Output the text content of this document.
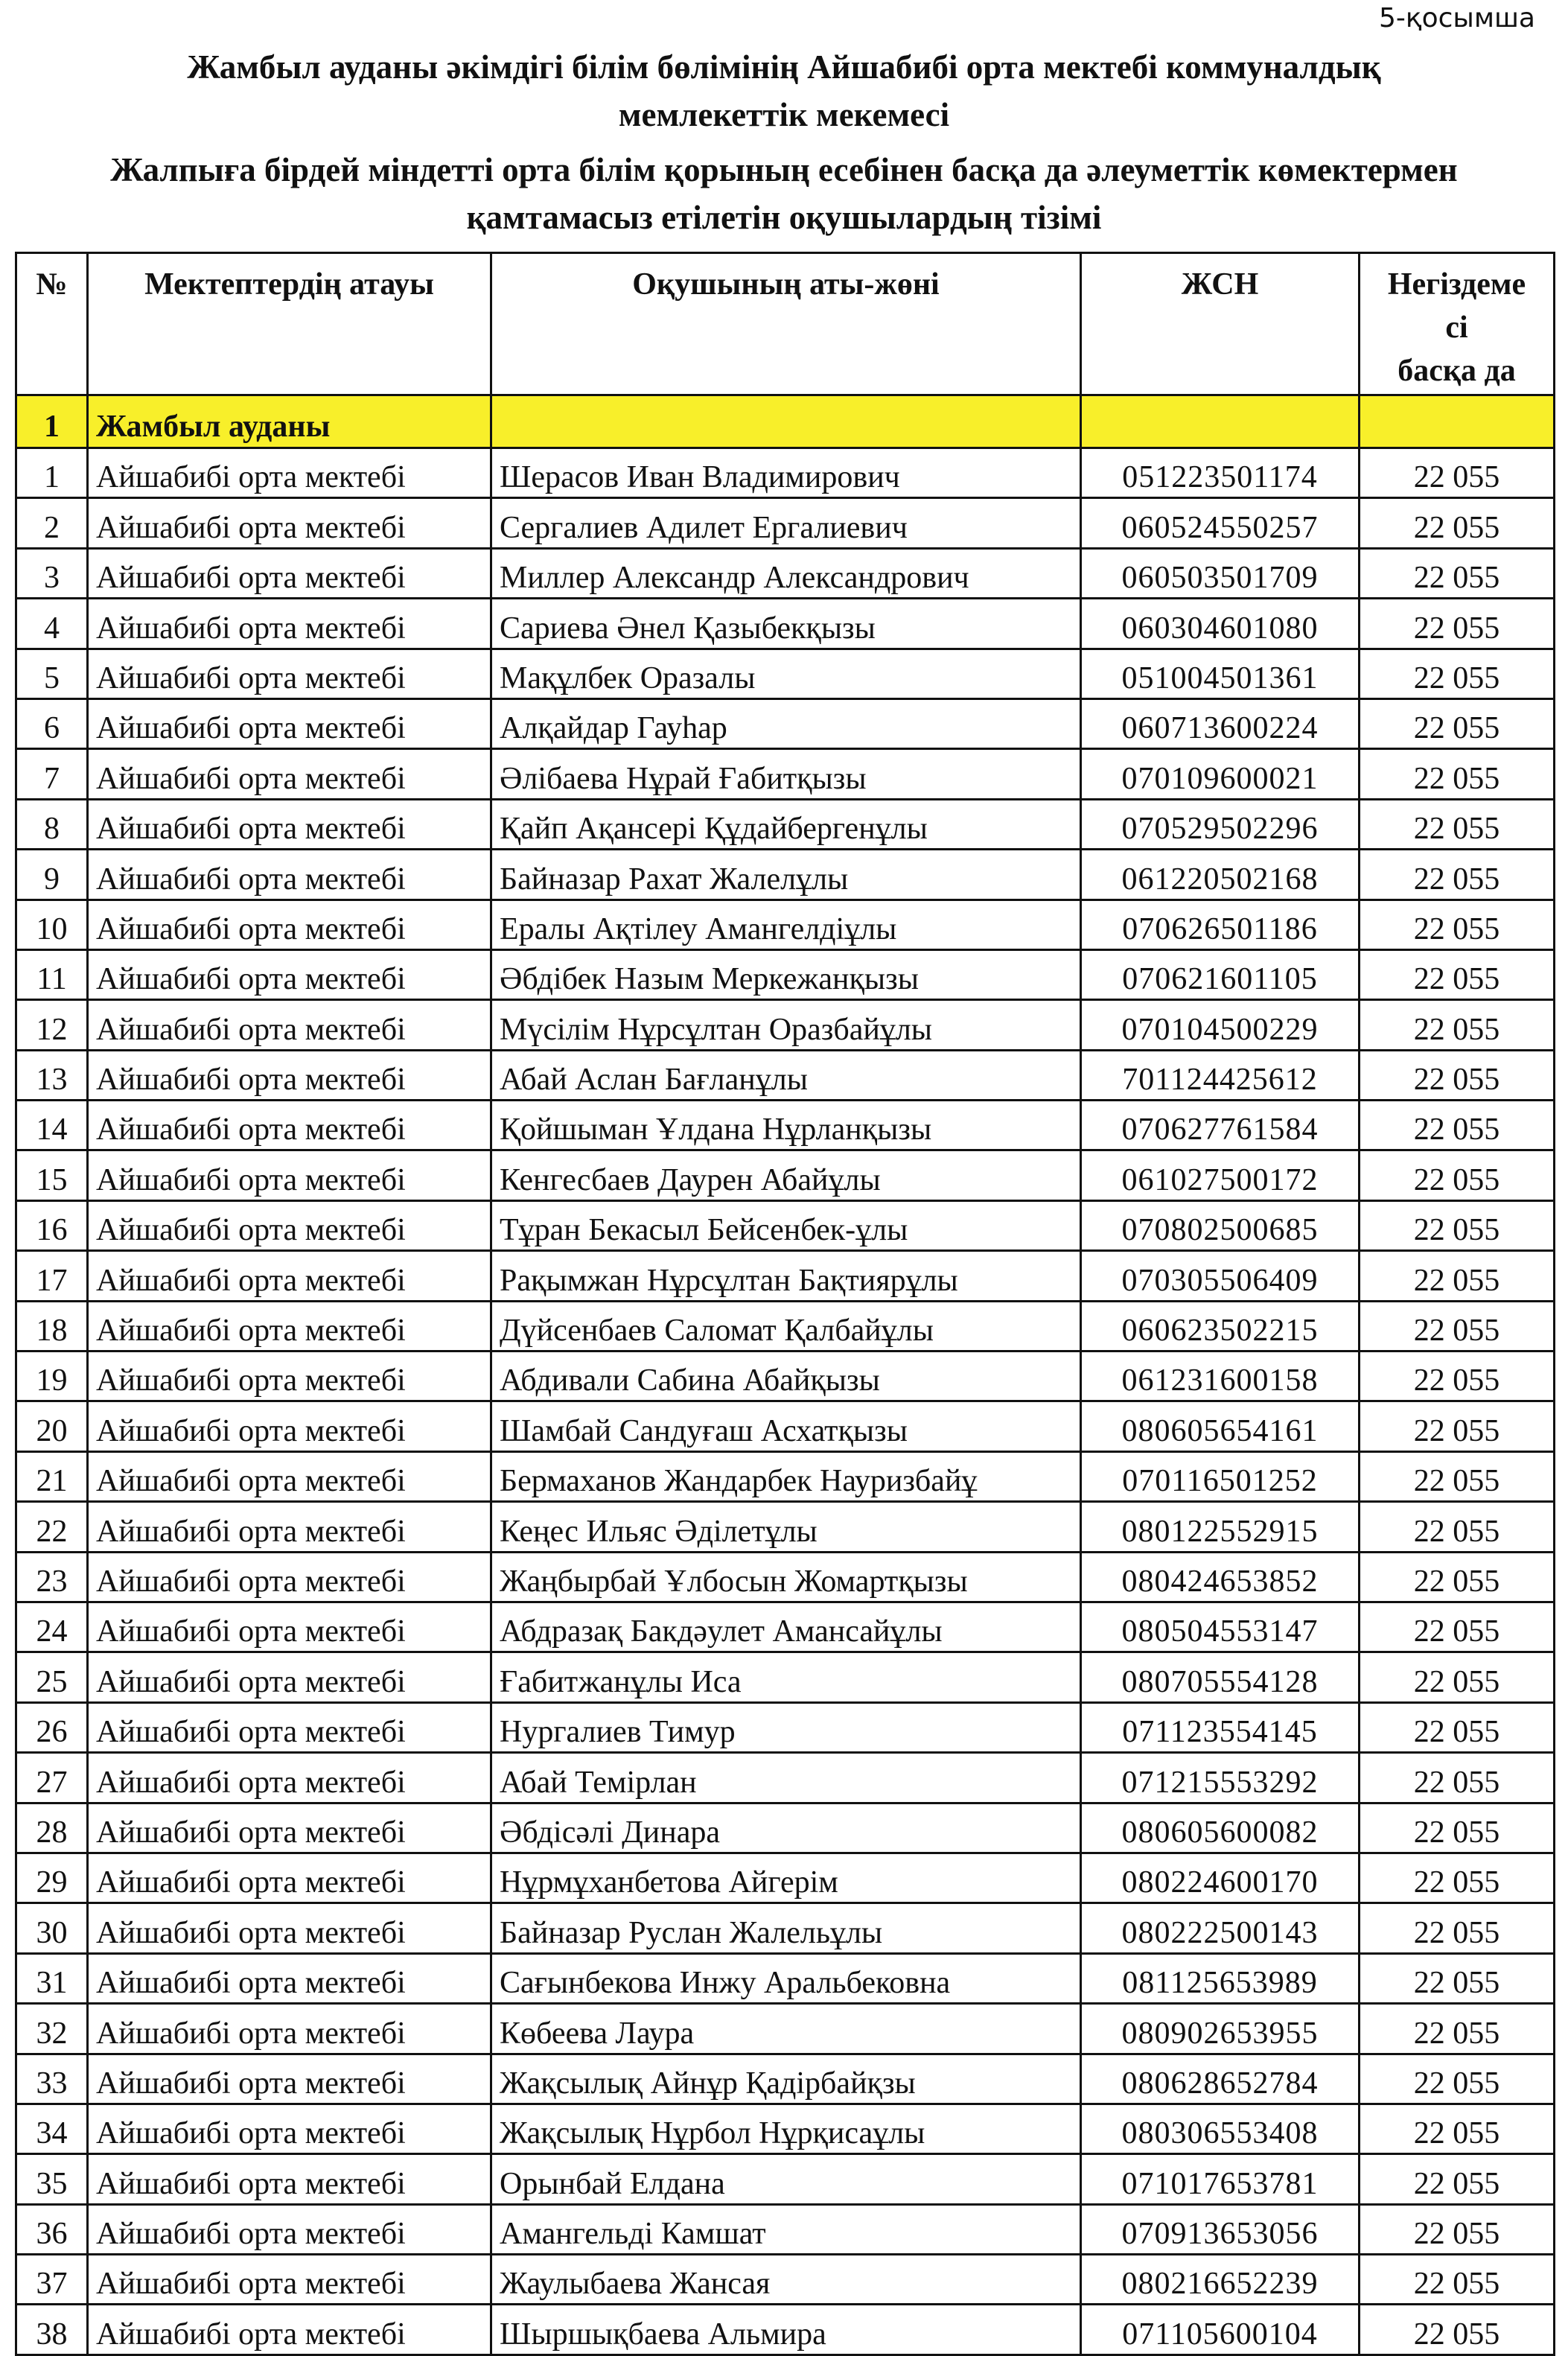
5-қосымша
Жамбыл ауданы әкімдігі білім бөлімінің Айшабибі орта мектебі коммуналдық
мемлекеттік мекемесі
Жалпыға бірдей міндетті орта білім қорының есебінен басқа да әлеуметтік көмектермен
қамтамасыз етілетін оқушылардың тізімі
№	Мектептердің атауы	Оқушының аты-жөні	ЖСН	Негіздеме
сі
басқа да

1	Жамбыл ауданы			
1	Айшабибі орта мектебі	Шерасов Иван Владимирович	051223501174	22 055
2	Айшабибі орта мектебі	Сергалиев Адилет Ергалиевич	060524550257	22 055
3	Айшабибі орта мектебі	Миллер Александр Александрович	060503501709	22 055
4	Айшабибі орта мектебі	Сариева Әнел Қазыбекқызы	060304601080	22 055
5	Айшабибі орта мектебі	Мақұлбек Оразалы	051004501361	22 055
6	Айшабибі орта мектебі	Алқайдар Гауһар	060713600224	22 055
7	Айшабибі орта мектебі	Әлібаева Нұрай Ғабитқызы	070109600021	22 055
8	Айшабибі орта мектебі	Қайп Ақансері Құдайбергенұлы	070529502296	22 055
9	Айшабибі орта мектебі	Байназар Рахат Жалелұлы	061220502168	22 055
10	Айшабибі орта мектебі	Ералы Ақтілеу Амангелдіұлы	070626501186	22 055
11	Айшабибі орта мектебі	Әбдібек Назым Меркежанқызы	070621601105	22 055
12	Айшабибі орта мектебі	Мүсілім Нұрсұлтан Оразбайұлы	070104500229	22 055
13	Айшабибі орта мектебі	Абай Аслан Бағланұлы	701124425612	22 055
14	Айшабибі орта мектебі	Қойшыман Ұлдана Нұрланқызы	070627761584	22 055
15	Айшабибі орта мектебі	Кенгесбаев Даурен Абайұлы	061027500172	22 055
16	Айшабибі орта мектебі	Тұран Бекасыл Бейсенбек-ұлы	070802500685	22 055
17	Айшабибі орта мектебі	Рақымжан Нұрсұлтан Бақтиярұлы	070305506409	22 055
18	Айшабибі орта мектебі	Дүйсенбаев Саломат Қалбайұлы	060623502215	22 055
19	Айшабибі орта мектебі	Абдивали Сабина Абайқызы	061231600158	22 055
20	Айшабибі орта мектебі	Шамбай Сандуғаш Асхатқызы	080605654161	22 055
21	Айшабибі орта мектебі	Бермаханов Жандарбек Науризбайұ	070116501252	22 055
22	Айшабибі орта мектебі	Кеңес Ильяс Әділетұлы	080122552915	22 055
23	Айшабибі орта мектебі	Жаңбырбай Ұлбосын Жомартқызы	080424653852	22 055
24	Айшабибі орта мектебі	Абдразақ Бакдәулет Амансайұлы	080504553147	22 055
25	Айшабибі орта мектебі	Ғабитжанұлы Иса	080705554128	22 055
26	Айшабибі орта мектебі	Нургалиев Тимур	071123554145	22 055
27	Айшабибі орта мектебі	Абай Темірлан	071215553292	22 055
28	Айшабибі орта мектебі	Әбдісәлі Динара	080605600082	22 055
29	Айшабибі орта мектебі	Нұрмұханбетова Айгерім	080224600170	22 055
30	Айшабибі орта мектебі	Байназар Руслан Жалельұлы	080222500143	22 055
31	Айшабибі орта мектебі	Сағынбекова Инжу Аральбековна	081125653989	22 055
32	Айшабибі орта мектебі	Көбеева Лаура	080902653955	22 055
33	Айшабибі орта мектебі	Жақсылық Айнұр Қадірбайқзы	080628652784	22 055
34	Айшабибі орта мектебі	Жақсылық Нұрбол Нұрқисаұлы	080306553408	22 055
35	Айшабибі орта мектебі	Орынбай Елдана	071017653781	22 055
36	Айшабибі орта мектебі	Амангельді Камшат	070913653056	22 055
37	Айшабибі орта мектебі	Жаулыбаева Жансая	080216652239	22 055
38	Айшабибі орта мектебі	Шыршықбаева Альмира	071105600104	22 055
